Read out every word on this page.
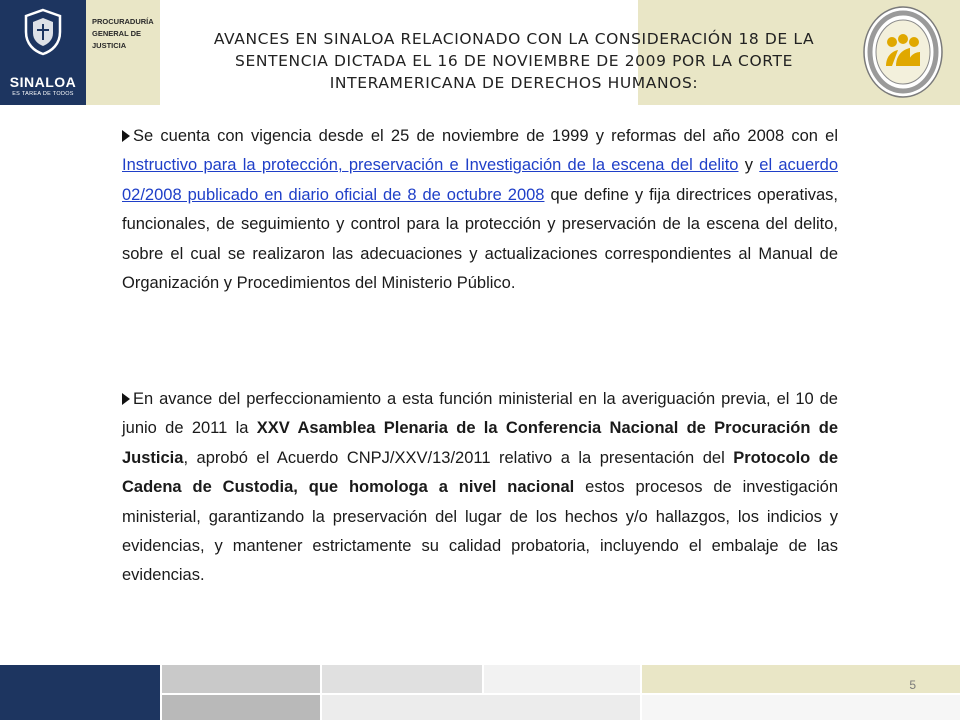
SINALOA
ES TAREA DE TODOS
PROCURADURÍA
GENERAL DE
JUSTICIA	AVANCES EN SINALOA RELACIONADO CON LA CONSIDERACIÓN 18 DE LA SENTENCIA DICTADA EL 16 DE NOVIEMBRE DE 2009 POR LA CORTE INTERAMERICANA DE DERECHOS HUMANOS:

Se cuenta con vigencia desde el 25 de noviembre de 1999 y reformas del año 2008 con el Instructivo para la protección, preservación e Investigación de la escena del delito y el acuerdo 02/2008 publicado en diario oficial de 8 de octubre 2008 que define y fija directrices operativas, funcionales, de seguimiento y control para la protección y preservación de la escena del delito, sobre el cual se realizaron las adecuaciones y actualizaciones correspondientes al Manual de Organización y Procedimientos del Ministerio Público.

En avance del perfeccionamiento a esta función ministerial en la averiguación previa, el 10 de junio de 2011 la XXV Asamblea Plenaria de la Conferencia Nacional de Procuración de Justicia, aprobó el Acuerdo CNPJ/XXV/13/2011 relativo a la presentación del Protocolo de Cadena de Custodia, que homologa a nivel nacional estos procesos de investigación ministerial, garantizando la preservación del lugar de los hechos y/o hallazgos, los indicios y evidencias, y mantener estrictamente su calidad probatoria, incluyendo el embalaje de las evidencias.

5
